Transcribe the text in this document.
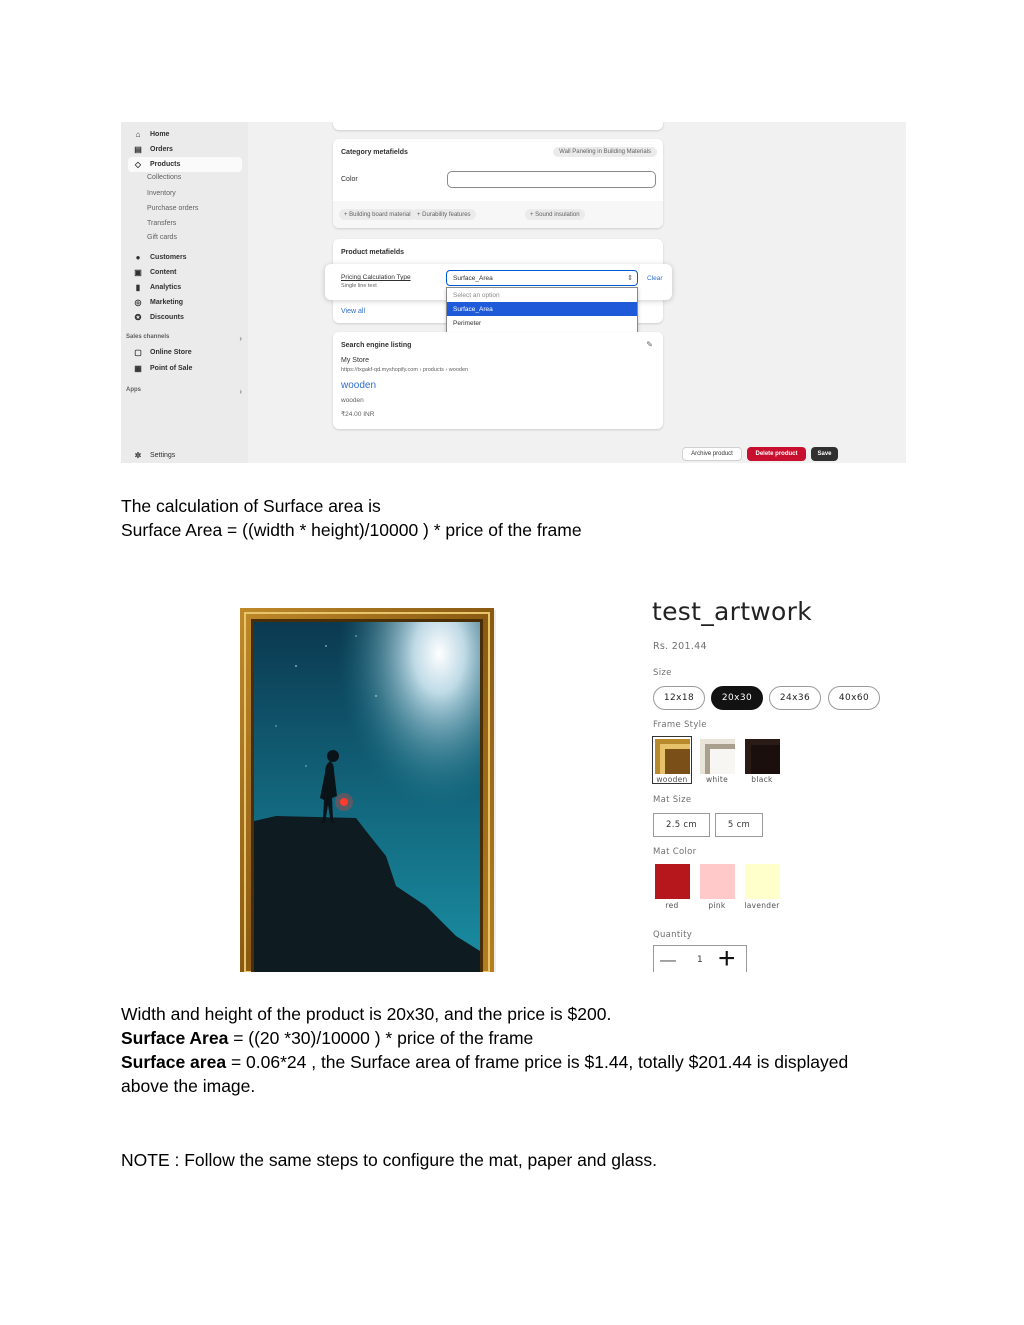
⌂	Home
▤	Orders
◇	Products
Collections
Inventory
Purchase orders
Transfers
Gift cards
●	Customers
▣	Content
▮	Analytics
◎	Marketing
✪	Discounts
Sales channels	›
▢	Online Store
▦	Point of Sale
Apps	›
✲	Settings
Category metafields	Wall Paneling in Building Materials
Color
+ Building board material	+ Durability features	+ Sound insulation
Product metafields
View all
Pricing Calculation Type
Single line text
Surface_Area	⇕ Clear
Select an option
Surface_Area
Perimeter
Search engine listing	✎
My Store
https://txgakf-qd.myshopify.com › products › wooden
wooden
wooden
₹24.00 INR
Archive product	Delete product	Save
The calculation of Surface area is
Surface Area = ((width * height)/10000 ) * price of the frame
test_artwork
Rs. 201.44
Size
12x18	20x30	24x36	40x60
Frame Style
wooden	white	black
Mat Size
2.5 cm	5 cm
Mat Color
red	pink	lavender
Quantity
— 1 +
Width and height of the product is 20x30, and the price is $200.
Surface Area = ((20 *30)/10000 ) * price of the frame
Surface area = 0.06*24 , the Surface area of frame price is $1.44, totally $201.44 is displayed
above the image.
NOTE : Follow the same steps to configure the mat, paper and glass.
